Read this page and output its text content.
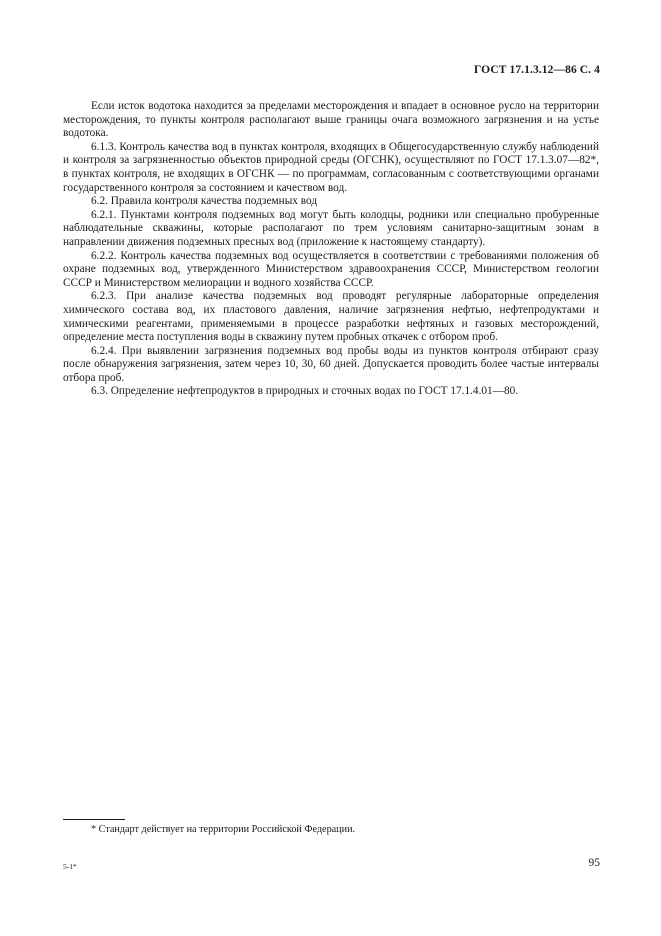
ГОСТ 17.1.3.12—86 С. 4

Если исток водотока находится за пределами месторождения и впадает в основное русло на территории месторождения, то пункты контроля располагают выше границы очага возможного загрязнения и на устье водотока.

6.1.3. Контроль качества вод в пунктах контроля, входящих в Общегосударственную службу наблюдений и контроля за загрязненностью объектов природной среды (ОГСНК), осуществляют по ГОСТ 17.1.3.07—82*, в пунктах контроля, не входящих в ОГСНК — по программам, согласованным с соответствующими органами государственного контроля за состоянием и качеством вод.

6.2. Правила контроля качества подземных вод

6.2.1. Пунктами контроля подземных вод могут быть колодцы, родники или специально пробуренные наблюдательные скважины, которые располагают по трем условиям санитарно-защитным зонам в направлении движения подземных пресных вод (приложение к настоящему стандарту).

6.2.2. Контроль качества подземных вод осуществляется в соответствии с требованиями положения об охране подземных вод, утвержденного Министерством здравоохранения СССР, Министерством геологии СССР и Министерством мелиорации и водного хозяйства СССР.

6.2.3. При анализе качества подземных вод проводят регулярные лабораторные определения химического состава вод, их пластового давления, наличие загрязнения нефтью, нефтепродуктами и химическими реагентами, применяемыми в процессе разработки нефтяных и газовых месторождений, определение места поступления воды в скважину путем пробных откачек с отбором проб.

6.2.4. При выявлении загрязнения подземных вод пробы воды из пунктов контроля отбирают сразу после обнаружения загрязнения, затем через 10, 30, 60 дней. Допускается проводить более частые интервалы отбора проб.

6.3. Определение нефтепродуктов в природных и сточных водах по ГОСТ 17.1.4.01—80.

* Стандарт действует на территории Российской Федерации.
5-1*	95
